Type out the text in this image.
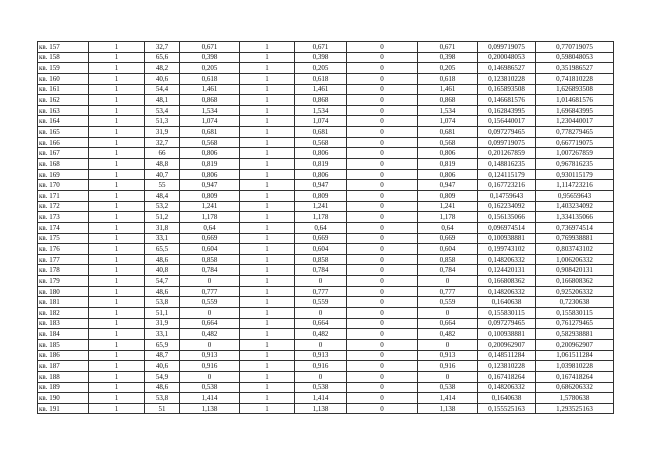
кв. 157	1	32,7	0,671	1	0,671	0	0,671	0,099719075	0,770719075
кв. 158	1	65,6	0,398	1	0,398	0	0,398	0,200048053	0,598048053
кв. 159	1	48,2	0,205	1	0,205	0	0,205	0,146986527	0,351986527
кв. 160	1	40,6	0,618	1	0,618	0	0,618	0,123810228	0,741810228
кв. 161	1	54,4	1,461	1	1,461	0	1,461	0,165893508	1,626893508
кв. 162	1	48,1	0,868	1	0,868	0	0,868	0,146681576	1,014681576
кв. 163	1	53,4	1,534	1	1,534	0	1,534	0,162843995	1,696843995
кв. 164	1	51,3	1,074	1	1,074	0	1,074	0,156440017	1,230440017
кв. 165	1	31,9	0,681	1	0,681	0	0,681	0,097279465	0,778279465
кв. 166	1	32,7	0,568	1	0,568	0	0,568	0,099719075	0,667719075
кв. 167	1	66	0,806	1	0,806	0	0,806	0,201267859	1,007267859
кв. 168	1	48,8	0,819	1	0,819	0	0,819	0,148816235	0,967816235
кв. 169	1	40,7	0,806	1	0,806	0	0,806	0,124115179	0,930115179
кв. 170	1	55	0,947	1	0,947	0	0,947	0,167723216	1,114723216
кв. 171	1	48,4	0,809	1	0,809	0	0,809	0,14759643	0,95659643
кв. 172	1	53,2	1,241	1	1,241	0	1,241	0,162234092	1,403234092
кв. 173	1	51,2	1,178	1	1,178	0	1,178	0,156135066	1,334135066
кв. 174	1	31,8	0,64	1	0,64	0	0,64	0,096974514	0,736974514
кв. 175	1	33,1	0,669	1	0,669	0	0,669	0,100938881	0,769938881
кв. 176	1	65,5	0,604	1	0,604	0	0,604	0,199743102	0,803743102
кв. 177	1	48,6	0,858	1	0,858	0	0,858	0,148206332	1,006206332
кв. 178	1	40,8	0,784	1	0,784	0	0,784	0,124420131	0,908420131
кв. 179	1	54,7	0	1	0	0	0	0,166808362	0,166808362
кв. 180	1	48,6	0,777	1	0,777	0	0,777	0,148206332	0,925206332
кв. 181	1	53,8	0,559	1	0,559	0	0,559	0,1640638	0,7230638
кв. 182	1	51,1	0	1	0	0	0	0,155830115	0,155830115
кв. 183	1	31,9	0,664	1	0,664	0	0,664	0,097279465	0,761279465
кв. 184	1	33,1	0,482	1	0,482	0	0,482	0,100938881	0,582938881
кв. 185	1	65,9	0	1	0	0	0	0,200962907	0,200962907
кв. 186	1	48,7	0,913	1	0,913	0	0,913	0,148511284	1,061511284
кв. 187	1	40,6	0,916	1	0,916	0	0,916	0,123810228	1,039810228
кв. 188	1	54,9	0	1	0	0	0	0,167418264	0,167418264
кв. 189	1	48,6	0,538	1	0,538	0	0,538	0,148206332	0,686206332
кв. 190	1	53,8	1,414	1	1,414	0	1,414	0,1640638	1,5780638
кв. 191	1	51	1,138	1	1,138	0	1,138	0,155525163	1,293525163
